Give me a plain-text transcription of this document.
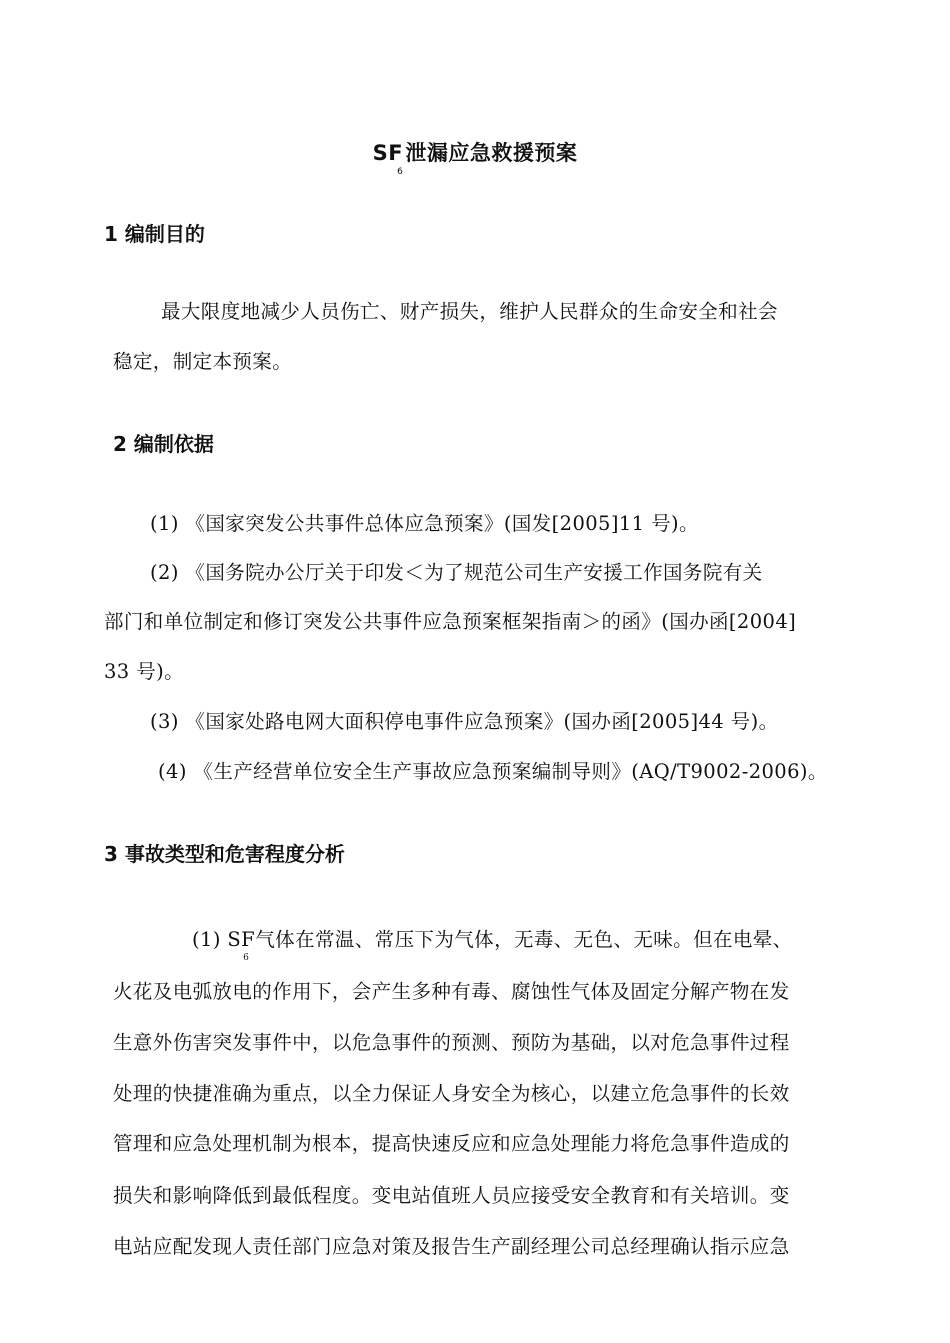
$SF_6$泄漏应急救援预案
1 编制目的
最大限度地减少人员伤亡、财产损失，维护人民群众的生命安全和社会
稳定，制定本预案。
2 编制依据
(1) 《国家突发公共事件总体应急预案》(国发[2005]11 号)。
(2) 《国务院办公厅关于印发＜为了规范公司生产安援工作国务院有关
部门和单位制定和修订突发公共事件应急预案框架指南＞的函》(国办函[2004]
33 号)。
(3) 《国家处路电网大面积停电事件应急预案》(国办函[2005]44 号)。
(4) 《生产经营单位安全生产事故应急预案编制导则》(AQ/T9002-2006)。
3 事故类型和危害程度分析
(1) $SF_6$气体在常温、常压下为气体，无毒、无色、无味。但在电晕、
火花及电弧放电的作用下，会产生多种有毒、腐蚀性气体及固定分解产物在发
生意外伤害突发事件中，以危急事件的预测、预防为基础，以对危急事件过程
处理的快捷准确为重点，以全力保证人身安全为核心，以建立危急事件的长效
管理和应急处理机制为根本，提高快速反应和应急处理能力将危急事件造成的
损失和影响降低到最低程度。变电站值班人员应接受安全教育和有关培训。变
电站应配发现人责任部门应急对策及报告生产副经理公司总经理确认指示应急
